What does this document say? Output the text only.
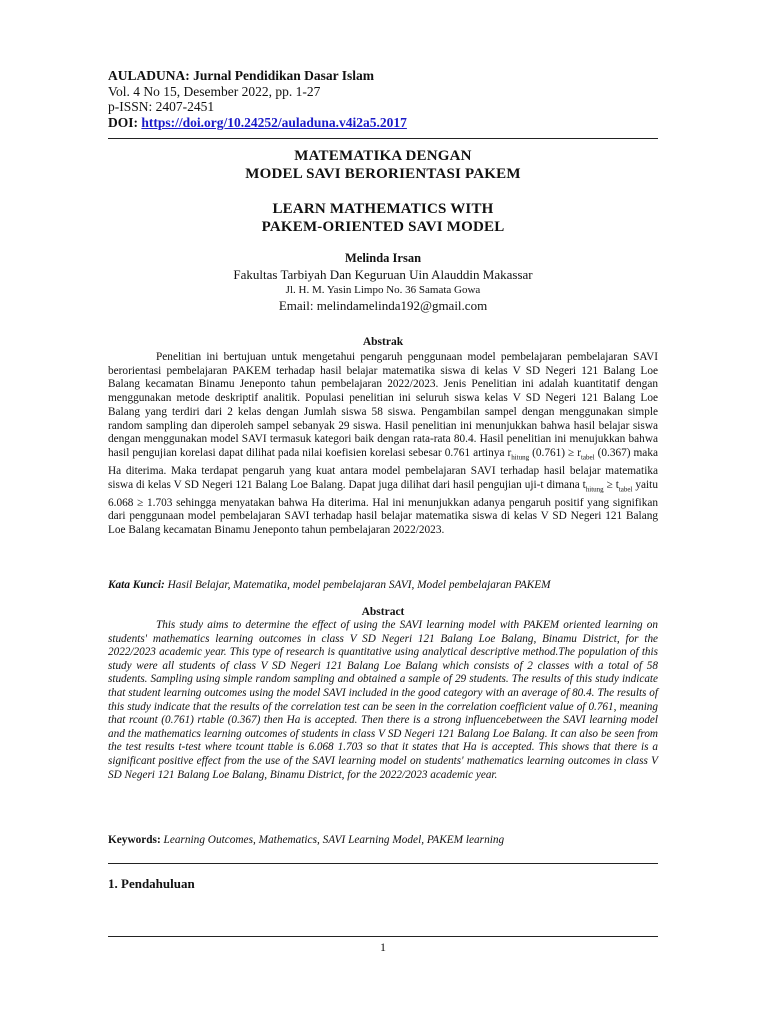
AULADUNA: Jurnal Pendidikan Dasar Islam
Vol. 4 No 15, Desember 2022, pp. 1-27
p-ISSN: 2407-2451
DOI: https://doi.org/10.24252/auladuna.v4i2a5.2017
MATEMATIKA DENGAN
MODEL SAVI BERORIENTASI PAKEM
LEARN MATHEMATICS WITH
PAKEM-ORIENTED SAVI MODEL
Melinda Irsan
Fakultas Tarbiyah Dan Keguruan Uin Alauddin Makassar
Jl. H. M. Yasin Limpo No. 36 Samata Gowa
Email: melindamelinda192@gmail.com
Abstrak

Penelitian ini bertujuan untuk mengetahui pengaruh penggunaan model pembelajaran pembelajaran SAVI berorientasi pembelajaran PAKEM terhadap hasil belajar matematika siswa di kelas V SD Negeri 121 Balang Loe Balang kecamatan Binamu Jeneponto tahun pembelajaran 2022/2023. Jenis Penelitian ini adalah kuantitatif dengan menggunakan metode deskriptif analitik. Populasi penelitian ini seluruh siswa kelas V SD Negeri 121 Balang Loe Balang yang terdiri dari 2 kelas dengan Jumlah siswa 58 siswa. Pengambilan sampel dengan menggunakan simple random sampling dan diperoleh sampel sebanyak 29 siswa. Hasil penelitian ini menunjukkan bahwa hasil belajar siswa dengan menggunakan model SAVI termasuk kategori baik dengan rata-rata 80.4. Hasil penelitian ini menujukkan bahwa hasil pengujian korelasi dapat dilihat pada nilai koefisien korelasi sebesar 0.761 artinya $r_{hitung}$ $(0.761) \ge r_{tabel}$ (0.367) maka Ha diterima. Maka terdapat pengaruh yang kuat antara model pembelajaran SAVI terhadap hasil belajar matematika siswa di kelas V SD Negeri 121 Balang Loe Balang. Dapat juga dilihat dari hasil pengujian uji-t dimana $t_{hitung} \ge t_{tabel}$ yaitu 6.068 ≥ 1.703 sehingga menyatakan bahwa Ha diterima. Hal ini menunjukkan adanya pengaruh positif yang signifikan dari penggunaan model pembelajaran SAVI terhadap hasil belajar matematika siswa di kelas V SD Negeri 121 Balang Loe Balang kecamatan Binamu Jeneponto tahun pembelajaran 2022/2023.

Kata Kunci: Hasil Belajar, Matematika, model pembelajaran SAVI, Model pembelajaran PAKEM
Abstract

This study aims to determine the effect of using the SAVI learning model with PAKEM oriented learning on students' mathematics learning outcomes in class V SD Negeri 121 Balang Loe Balang, Binamu District, for the 2022/2023 academic year. This type of research is quantitative using analytical descriptive method.The population of this study were all students of class V SD Negeri 121 Balang Loe Balang which consists of 2 classes with a total of 58 students. Sampling using simple random sampling and obtained a sample of 29 students. The results of this study indicate that student learning outcomes using the model SAVI included in the good category with an average of 80.4. The results of this study indicate that the results of the correlation test can be seen in the correlation coefficient value of 0.761, meaning that rcount (0.761) rtable (0.367) then Ha is accepted. Then there is a strong influencebetween the SAVI learning model and the mathematics learning outcomes of students in class V SD Negeri 121 Balang Loe Balang. It can also be seen from the test results t-test where tcount ttable is 6.068 1.703 so that it states that Ha is accepted. This shows that there is a significant positive effect from the use of the SAVI learning model on students' mathematics learning outcomes in class V SD Negeri 121 Balang Loe Balang, Binamu District, for the 2022/2023 academic year.

Keywords: Learning Outcomes, Mathematics, SAVI Learning Model, PAKEM learning
1. Pendahuluan
1
